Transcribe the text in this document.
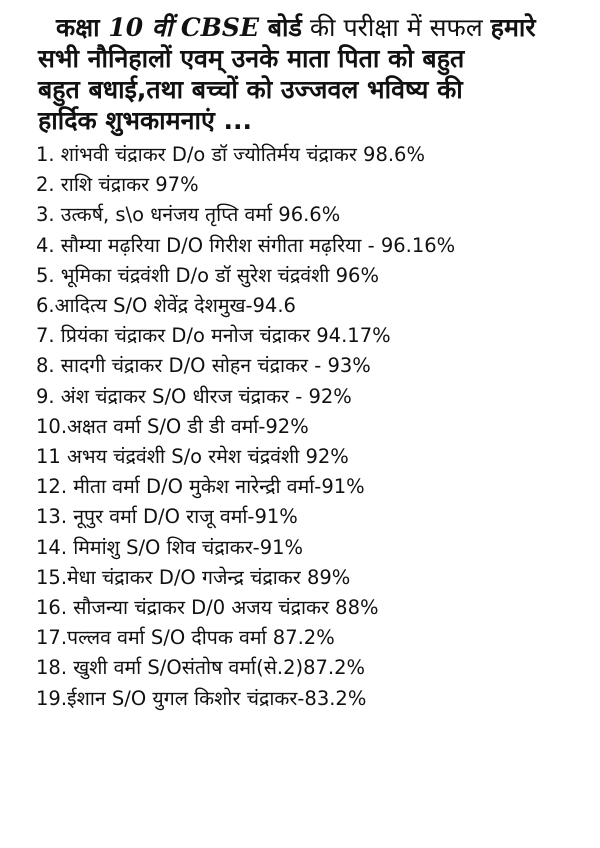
कक्षा 10 वीं CBSE बोर्ड की परीक्षा में सफल हमारे
सभी नौनिहालों एवम् उनके माता पिता को बहुत
बहुत बधाई,तथा बच्चों को उज्जवल भविष्य की
हार्दिक शुभकामनाएं ...
1. शांभवी चंद्राकर D/o डॉ ज्योतिर्मय चंद्राकर 98.6%
2. राशि चंद्राकर 97%
3. उत्कर्ष, s\o धनंजय तृप्ति वर्मा 96.6%
4. सौम्या मढ़रिया D/O गिरीश संगीता मढ़रिया - 96.16%
5. भूमिका चंद्रवंशी D/o डॉ सुरेश चंद्रवंशी 96%
6.आदित्य S/O शेवेंद्र देशमुख-94.6
7. प्रियंका चंद्राकर D/o मनोज चंद्राकर 94.17%
8. सादगी चंद्राकर D/O सोहन चंद्राकर - 93%
9. अंश चंद्राकर S/O धीरज चंद्राकर - 92%
10.अक्षत वर्मा S/O डी डी वर्मा-92%
11 अभय चंद्रवंशी S/o रमेश चंद्रवंशी 92%
12. मीता वर्मा D/O मुकेश नारेन्द्री वर्मा-91%
13. नूपुर वर्मा D/O राजू वर्मा-91%
14. मिमांशु S/O शिव चंद्राकर-91%
15.मेधा चंद्राकर D/O गजेन्द्र चंद्राकर 89%
16. सौजन्या चंद्राकर D/0 अजय चंद्राकर 88%
17.पल्लव वर्मा S/O दीपक वर्मा 87.2%
18. खुशी वर्मा S/Oसंतोष वर्मा(से.2)87.2%
19.ईशान S/O युगल किशोर चंद्राकर-83.2%
